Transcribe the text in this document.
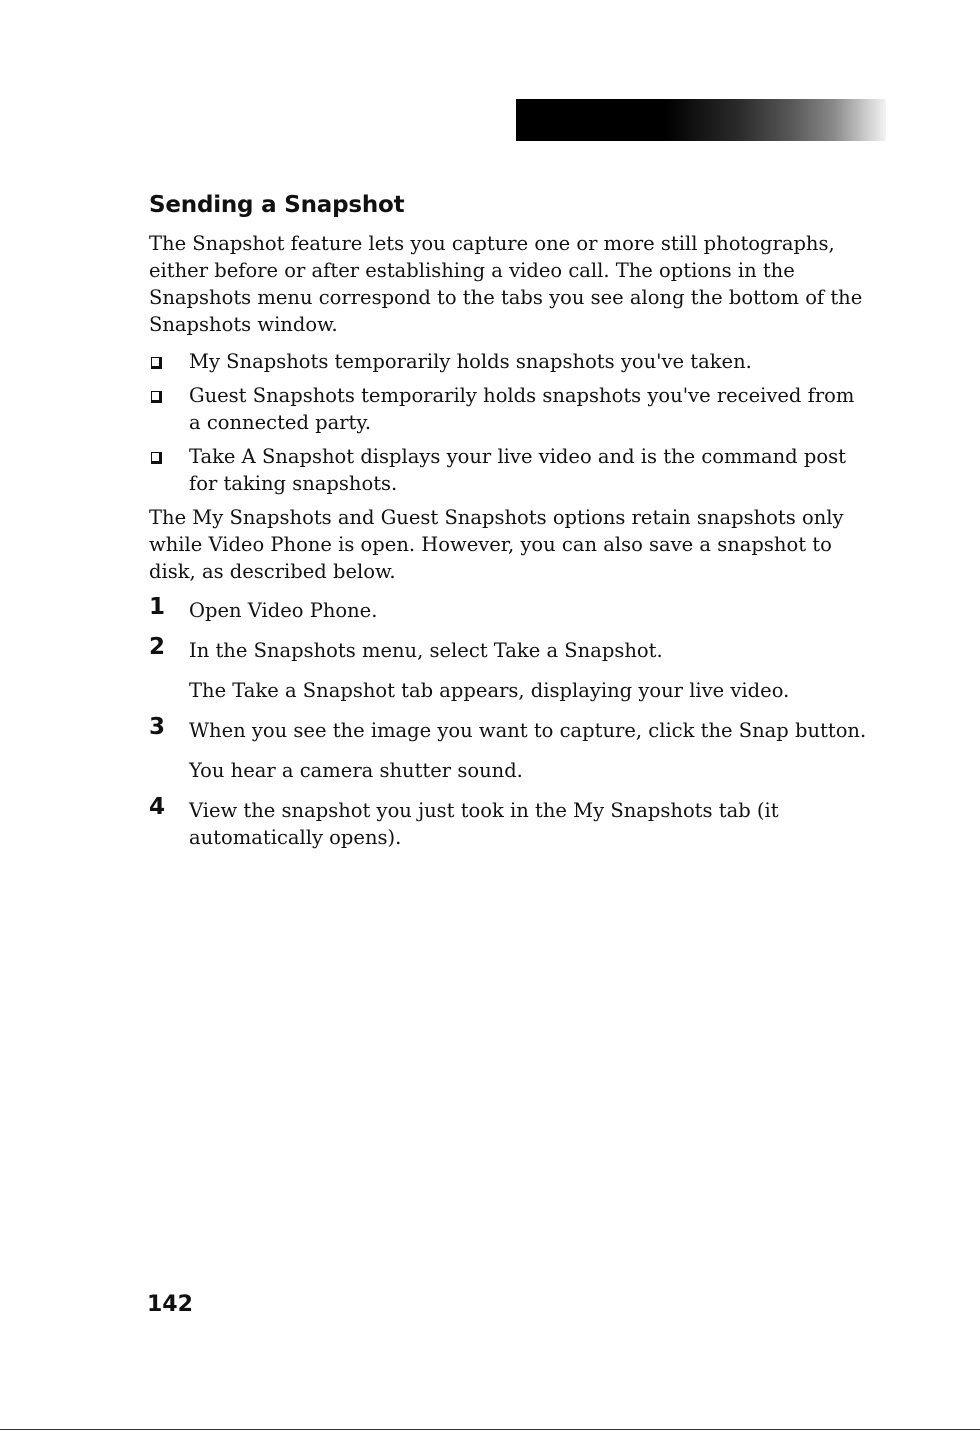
Sending a Snapshot

The Snapshot feature lets you capture one or more still photographs, either before or after establishing a video call. The options in the Snapshots menu correspond to the tabs you see along the bottom of the Snapshots window.

My Snapshots temporarily holds snapshots you've taken.
Guest Snapshots temporarily holds snapshots you've received from a connected party.
Take A Snapshot displays your live video and is the command post for taking snapshots.

The My Snapshots and Guest Snapshots options retain snapshots only while Video Phone is open. However, you can also save a snapshot to disk, as described below.

1 Open Video Phone.
2 In the Snapshots menu, select Take a Snapshot.
The Take a Snapshot tab appears, displaying your live video.
3 When you see the image you want to capture, click the Snap button.
You hear a camera shutter sound.
4 View the snapshot you just took in the My Snapshots tab (it automatically opens).
142
